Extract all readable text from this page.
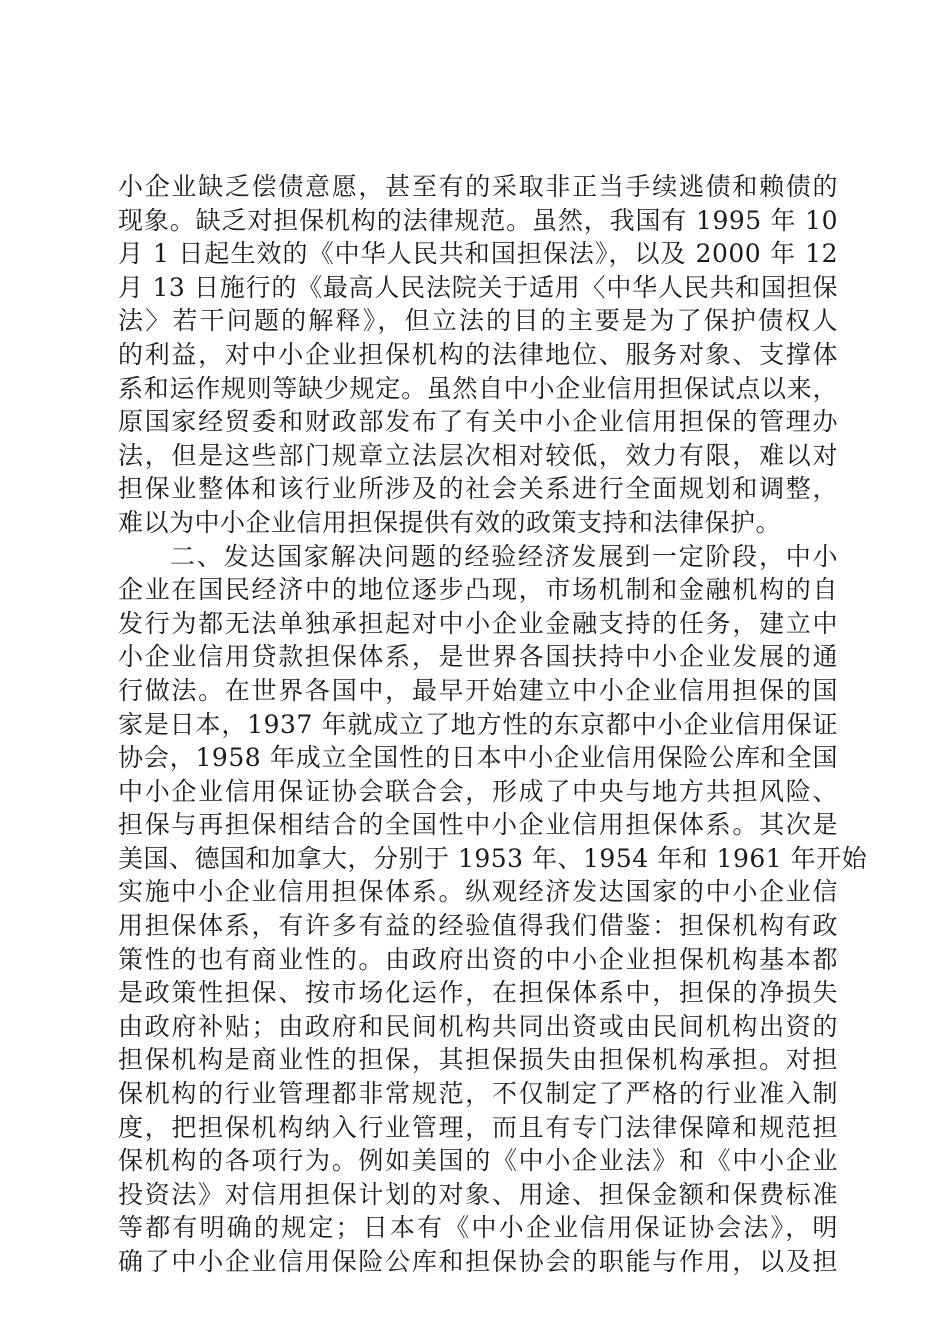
小企业缺乏偿债意愿，甚至有的采取非正当手续逃债和赖债的
现象。缺乏对担保机构的法律规范。虽然，我国有 1995 年 10
月 1 日起生效的《中华人民共和国担保法》，以及 2000 年 12
月 13 日施行的《最高人民法院关于适用〈中华人民共和国担保
法〉若干问题的解释》，但立法的目的主要是为了保护债权人
的利益，对中小企业担保机构的法律地位、服务对象、支撑体
系和运作规则等缺少规定。虽然自中小企业信用担保试点以来，
原国家经贸委和财政部发布了有关中小企业信用担保的管理办
法，但是这些部门规章立法层次相对较低，效力有限，难以对
担保业整体和该行业所涉及的社会关系进行全面规划和调整，
难以为中小企业信用担保提供有效的政策支持和法律保护。
二、发达国家解决问题的经验经济发展到一定阶段，中小
企业在国民经济中的地位逐步凸现，市场机制和金融机构的自
发行为都无法单独承担起对中小企业金融支持的任务，建立中
小企业信用贷款担保体系，是世界各国扶持中小企业发展的通
行做法。在世界各国中，最早开始建立中小企业信用担保的国
家是日本，1937 年就成立了地方性的东京都中小企业信用保证
协会，1958 年成立全国性的日本中小企业信用保险公库和全国
中小企业信用保证协会联合会，形成了中央与地方共担风险、
担保与再担保相结合的全国性中小企业信用担保体系。其次是
美国、德国和加拿大，分别于 1953 年、1954 年和 1961 年开始
实施中小企业信用担保体系。纵观经济发达国家的中小企业信
用担保体系，有许多有益的经验值得我们借鉴：担保机构有政
策性的也有商业性的。由政府出资的中小企业担保机构基本都
是政策性担保、按市场化运作，在担保体系中，担保的净损失
由政府补贴；由政府和民间机构共同出资或由民间机构出资的
担保机构是商业性的担保，其担保损失由担保机构承担。对担
保机构的行业管理都非常规范，不仅制定了严格的行业准入制
度，把担保机构纳入行业管理，而且有专门法律保障和规范担
保机构的各项行为。例如美国的《中小企业法》和《中小企业
投资法》对信用担保计划的对象、用途、担保金额和保费标准
等都有明确的规定；日本有《中小企业信用保证协会法》，明
确了中小企业信用保险公库和担保协会的职能与作用，以及担
